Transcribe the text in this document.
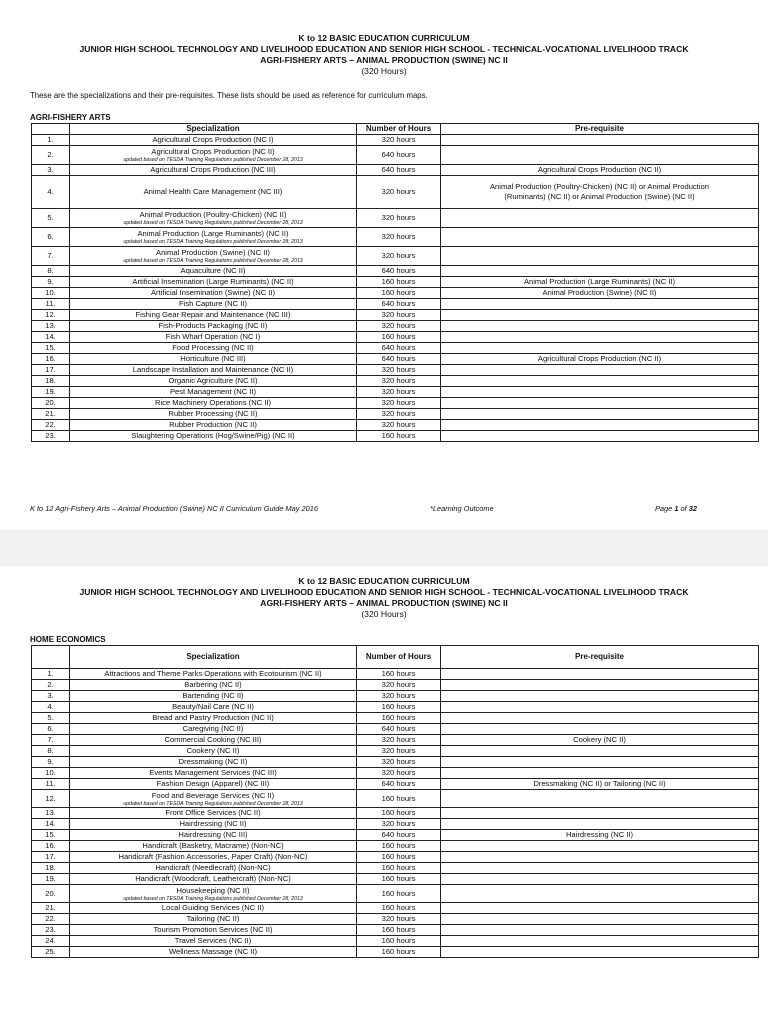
K to 12 BASIC EDUCATION CURRICULUM
JUNIOR HIGH SCHOOL TECHNOLOGY AND LIVELIHOOD EDUCATION AND SENIOR HIGH SCHOOL - TECHNICAL-VOCATIONAL LIVELIHOOD TRACK
AGRI-FISHERY ARTS – ANIMAL PRODUCTION (SWINE) NC II
(320 Hours)
These are the specializations and their pre-requisites. These lists should be used as reference for curriculum maps.
AGRI-FISHERY ARTS
	Specialization	Number of Hours	Pre-requisite
1.	Agricultural Crops Production (NC I)	320 hours	
2.	Agricultural Crops Production (NC II)
updated based on TESDA Training Regulations published December 28, 2013	640 hours	
3.	Agricultural Crops Production (NC III)	640 hours	Agricultural Crops Production (NC II)
4.	Animal Health Care Management (NC III)	320 hours	Animal Production (Poultry-Chicken) (NC II) or Animal Production (Ruminants) (NC II) or Animal Production (Swine) (NC II)
5.	Animal Production (Poultry-Chicken) (NC II)
updated based on TESDA Training Regulations published December 28, 2013	320 hours	
6.	Animal Production (Large Ruminants) (NC II)
updated based on TESDA Training Regulations published December 28, 2013	320 hours	
7.	Animal Production (Swine) (NC II)
updated based on TESDA Training Regulations published December 28, 2013	320 hours	
8.	Aquaculture (NC II)	640 hours	
9.	Artificial Insemination (Large Ruminants) (NC II)	160 hours	Animal Production (Large Ruminants) (NC II)
10.	Artificial Insemination (Swine) (NC II)	160 hours	Animal Production (Swine) (NC II)
11.	Fish Capture (NC II)	640 hours	
12.	Fishing Gear Repair and Maintenance (NC III)	320 hours	
13.	Fish-Products Packaging (NC II)	320 hours	
14.	Fish Wharf Operation (NC I)	160 hours	
15.	Food Processing (NC II)	640 hours	
16.	Horticulture (NC III)	640 hours	Agricultural Crops Production (NC II)
17.	Landscape Installation and Maintenance (NC II)	320 hours	
18.	Organic Agriculture (NC II)	320 hours	
19.	Pest Management (NC II)	320 hours	
20.	Rice Machinery Operations (NC II)	320 hours	
21.	Rubber Processing (NC II)	320 hours	
22.	Rubber Production (NC II)	320 hours	
23.	Slaughtering Operations (Hog/Swine/Pig) (NC II)	160 hours	
K to 12 Agri-Fishery Arts – Animal Production (Swine) NC II Curriculum Guide May 2016	*Learning Outcome	Page 1 of 32
K to 12 BASIC EDUCATION CURRICULUM
JUNIOR HIGH SCHOOL TECHNOLOGY AND LIVELIHOOD EDUCATION AND SENIOR HIGH SCHOOL - TECHNICAL-VOCATIONAL LIVELIHOOD TRACK
AGRI-FISHERY ARTS – ANIMAL PRODUCTION (SWINE) NC II
(320 Hours)
HOME ECONOMICS
	Specialization	Number of Hours	Pre-requisite
1.	Attractions and Theme Parks Operations with Ecotourism (NC II)	160 hours	
2.	Barbering (NC II)	320 hours	
3.	Bartending (NC II)	320 hours	
4.	Beauty/Nail Care (NC II)	160 hours	
5.	Bread and Pastry Production (NC II)	160 hours	
6.	Caregiving (NC II)	640 hours	
7.	Commercial Cooking (NC III)	320 hours	Cookery (NC II)
8.	Cookery (NC II)	320 hours	
9.	Dressmaking (NC II)	320 hours	
10.	Events Management Services (NC III)	320 hours	
11.	Fashion Design (Apparel) (NC III)	640 hours	Dressmaking (NC II) or Tailoring (NC II)
12.	Food and Beverage Services (NC II)
updated based on TESDA Training Regulations published December 28, 2013	160 hours	
13.	Front Office Services (NC II)	160 hours	
14.	Hairdressing (NC II)	320 hours	
15.	Hairdressing (NC III)	640 hours	Hairdressing (NC II)
16.	Handicraft (Basketry, Macrame) (Non-NC)	160 hours	
17.	Handicraft (Fashion Accessories, Paper Craft) (Non-NC)	160 hours	
18.	Handicraft (Needlecraft) (Non-NC)	160 hours	
19.	Handicraft (Woodcraft, Leathercraft) (Non-NC)	160 hours	
20.	Housekeeping (NC II)
updated based on TESDA Training Regulations published December 28, 2013	160 hours	
21.	Local Guiding Services (NC II)	160 hours	
22.	Tailoring (NC II)	320 hours	
23.	Tourism Promotion Services (NC II)	160 hours	
24.	Travel Services (NC II)	160 hours	
25.	Wellness Massage (NC II)	160 hours	
